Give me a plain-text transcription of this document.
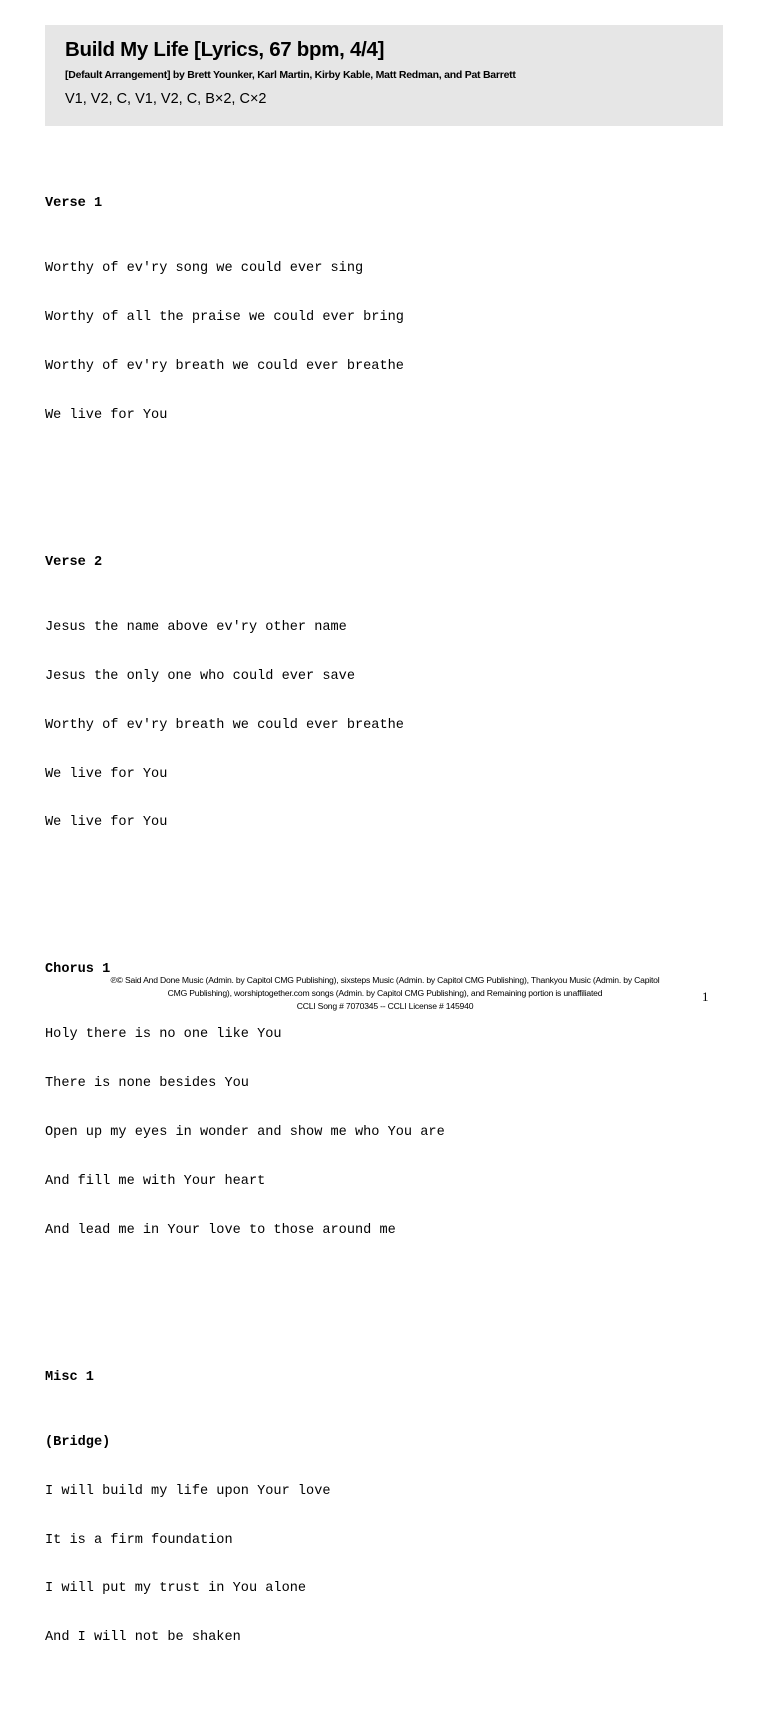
Build My Life [Lyrics, 67 bpm, 4/4]
[Default Arrangement] by Brett Younker, Karl Martin, Kirby Kable, Matt Redman, and Pat Barrett
V1, V2, C, V1, V2, C, B×2, C×2

Verse 1

Worthy of ev'ry song we could ever sing

Worthy of all the praise we could ever bring

Worthy of ev'ry breath we could ever breathe

We live for You

Verse 2

Jesus the name above ev'ry other name

Jesus the only one who could ever save

Worthy of ev'ry breath we could ever breathe

We live for You

We live for You

Chorus 1

Holy there is no one like You

There is none besides You

Open up my eyes in wonder and show me who You are

And fill me with Your heart

And lead me in Your love to those around me

Misc 1

(Bridge)

I will build my life upon Your love

It is a firm foundation

I will put my trust in You alone

And I will not be shaken

℗© Said And Done Music (Admin. by Capitol CMG Publishing), sixsteps Music (Admin. by Capitol CMG Publishing), Thankyou Music (Admin. by Capitol
CMG Publishing), worshiptogether.com songs (Admin. by Capitol CMG Publishing), and Remaining portion is unaffiliated
CCLI Song # 7070345 -- CCLI License # 145940
1
